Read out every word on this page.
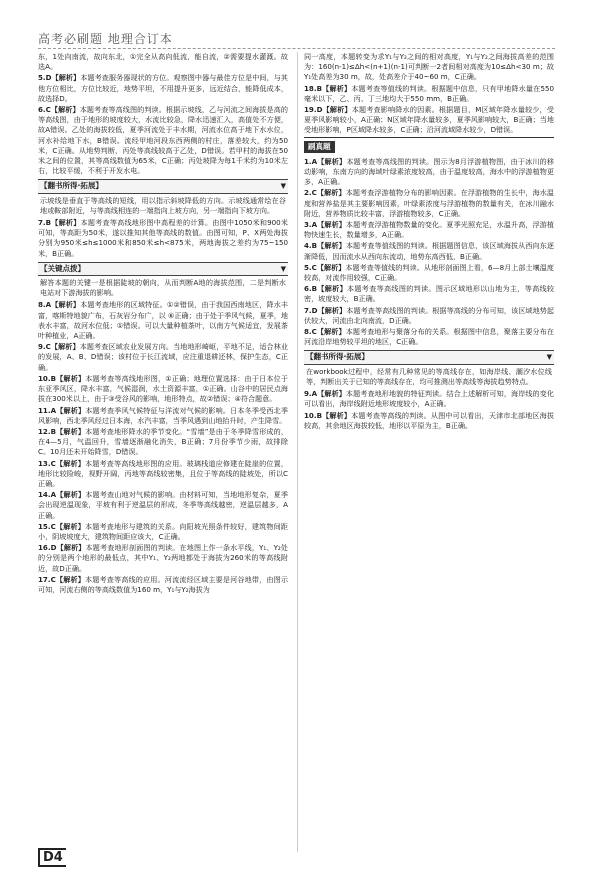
高考必刷题 地理合订本

东，1处向南流，故向东北，①完全从高向低流，能自流，②需要提水灌溉。故选A。

5.D【解析】本题考查服务器现状的方位。观察图中器与最佳方位是中间，与其他方位相比，方位比较近，地势平坦，不用提升更多，远近结合，能降低成本，故选择D。

6.C【解析】本题考查等高线图的判读。根据示坡线，乙与河流之间海拔是高的等高线图，由于地形的坡度较大，水流比较急，降水迅速汇入，高值处不方便，故A错误。乙处的海拔较低，夏季河流处于丰水期，河流水位高于地下水水位，河水补给地下水，B错误。流经甲地河段东西两侧的村庄，落差较大，约为50米，C正确。从地势判断，丙处等高线较高于乙处，D错误。若甲村的海拔在50米之间的位置，其等高线数值为65米，C正确；丙处坡降为每1千米约为10米左右，比较平缓，不利于开发水电。

【翻书所得·拓展】	▼
示坡线是垂直于等高线的短线，用以指示斜坡降低的方向。示坡线通常绘在谷地或鞍部附近，与等高线相连的一端指向上坡方向，另一端指向下坡方向。

7.B【解析】本题考查等高线地形图中高程差的计算。由图中1050米和900米可知，等高距为50米，遂以推知其他等高线的数值。由图可知，P、X两处海拔分别为950米≤h≤1000米和850米≤h<875米，两地海拔之差约为75~150米，B正确。

【关键点拨】	▼
解答本题的关键一是根据陡坡的朝向，从而判断A地的海拔范围，二是判断水电站对下游海拔的影响。

8.A【解析】本题考查地形的区域特征。①②错误，由于我国西南地区，降水丰富，喀斯特地貌广布，石灰岩分布广，以 ⑥正确；由于处于季风气候，夏季，地表水丰富，故河水位低；①错误。可以大量种植茶叶，以南方气候适宜，发展茶叶种植业，A正确。

9.C【解析】本题考查区域农业发展方向。当地地形崎岖，平地不足，适合林业的发展，A、B、D错误；该村位于长江流域，应注重退耕还林，保护生态，C正确。

10.B【解析】本题考查等高线地形图，①正确；地理位置选择：由于日本位于东亚季风区，降水丰富，气候湿润，水土资源丰富，①正确。山谷中的居民点海拔在300米以上，由于③受谷风的影响，地形特点，故②错误；④符合题意。

11.A【解析】本题考查季风气候特征与洋流对气候的影响。日本冬季受西北季风影响，西北季风经过日本海，水汽丰富，当季风遇到山地抬升时，产生降雪。

12.B【解析】本题考查地形降水的季节变化。“雪墙”是由于冬季降雪形成的，在4—5月，气温回升，雪墙逐渐融化消失，B正确；7月份季节少雨，故排除C。10月还未开始降雪，D错误。

13.C【解析】本题考查等高线地形图的应用。玻璃栈道应修建在陡崖的位置，地形比较险峻，视野开阔，丙地等高线较密集，且位于等高线的陡坡处，所以C正确。

14.A【解析】本题考查山地对气候的影响。由材料可知，当地地形复杂，夏季会出现逆温现象，平坡有利于逆温层的形成，冬季等高线越密，逆温层越多，A正确。

15.C【解析】本题考查地形与建筑的关系。向阳坡光照条件较好，建筑物间距小，阴坡坡度大，建筑物间距应该大，C正确。

16.D【解析】本题考查地形剖面图的判读。在地图上作一条水平线，Y₁、Y₂处的分别是两个地形的最低点，其中Y₁、Y₂两地都处于海拔为260米的等高线附近，故D正确。

17.C【解析】本题考查等高线的应用。河流流经区域主要是河谷地带，由图示可知，河流右侧的等高线数值为160 m，Y₁与Y₂海拔为

同一高度，本题转变为求Y₁与Y₂之间的相对高度，Y₁与Y₂之间海拔高差的范围为：160(n-1)≤Δh<(n+1)(n-1)可判断一2者间相对高度为10≤Δh<30 m；故Y₁处高差为30 m，故，处高差介于40~60 m，C正确。

18.B【解析】本题考查等值线的判读。根据题中信息，只有甲地降水量在550毫米以下，乙、丙、丁三地均大于550 mm，B正确。

19.D【解析】本题考查影响降水的因素。根据题目，M区域年降水量较少，受夏季风影响较小，A正确；N区域年降水量较多，夏季风影响较大，B正确；当地受地形影响，P区域降水较多，C正确；沿河流域降水较少，D错误。

刷真题

1.A【解析】本题考查等高线图的判读。图示为8月浮游植物图，由于冰川的移动影响，东南方向的海域叶绿素浓度较高，由于温度较高，海水中的浮游植物更多，A正确。

2.C【解析】本题考查浮游植物分布的影响因素。在浮游植物的生长中，海水温度和营养盐是其主要影响因素，叶绿素浓度与浮游植物的数量有关，在冰川融水附近，营养物质比较丰富，浮游植物较多，C正确。

3.A【解析】本题考查浮游植物数量的变化。夏季光照充足，水温升高，浮游植物快速生长，数量增多，A正确。

4.B【解析】本题考查等值线图的判读。根据题图信息，该区域海拔从西向东逐渐降低，因而流水从西向东流动，地势东高西低，B正确。

5.C【解析】本题考查等值线的判读。从地形剖面图上看，6—8月上部土壤温度较高，对流作用较强，C正确。

6.B【解析】本题考查等高线图的判读。图示区域地形以山地为主，等高线较密，坡度较大，B正确。

7.D【解析】本题考查等高线图的判读。根据等高线的分布可知，该区域地势起伏较大，河流由北向南流，D正确。

8.C【解析】本题考查地形与聚落分布的关系。根据图中信息，聚落主要分布在河流沿岸地势较平坦的地区，C正确。

【翻书所得·拓展】	▼
在workbook过程中，经常有几种常见的等高线存在，如海岸线、潮汐水位线等，判断出关于已知的等高线存在，均可推测出等高线等海拔趋势特点。

9.A【解析】本题考查地形地貌的特征判读。结合上述解析可知，海岸线的变化可以看出，海岸线附近地形坡度较小，A正确。

10.B【解析】本题考查等高线的判读。从图中可以看出，天津市北部地区海拔较高，其余地区海拔较低，地形以平原为主，B正确。

D4
